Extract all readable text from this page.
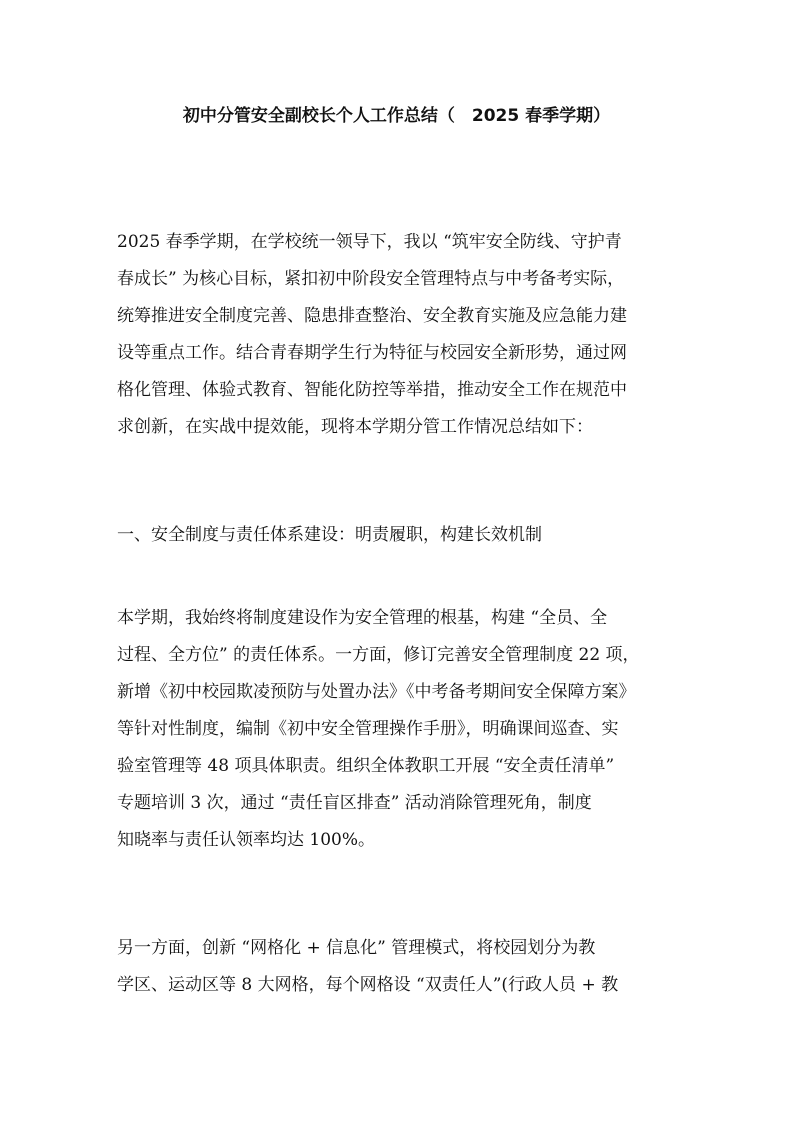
初中分管安全副校长个人工作总结（　2025 春季学期）
2025 春季学期，在学校统一领导下，我以 “筑牢安全防线、守护青
春成长” 为核心目标，紧扣初中阶段安全管理特点与中考备考实际，
统筹推进安全制度完善、隐患排查整治、安全教育实施及应急能力建
设等重点工作。结合青春期学生行为特征与校园安全新形势，通过网
格化管理、体验式教育、智能化防控等举措，推动安全工作在规范中
求创新，在实战中提效能，现将本学期分管工作情况总结如下：
一、安全制度与责任体系建设：明责履职，构建长效机制
本学期，我始终将制度建设作为安全管理的根基，构建 “全员、全
过程、全方位” 的责任体系。一方面，修订完善安全管理制度 22 项，
新增《初中校园欺凌预防与处置办法》《中考备考期间安全保障方案》
等针对性制度，编制《初中安全管理操作手册》，明确课间巡查、实
验室管理等 48 项具体职责。组织全体教职工开展 “安全责任清单”
专题培训 3 次，通过 “责任盲区排查” 活动消除管理死角，制度
知晓率与责任认领率均达 100%。
另一方面，创新 “网格化 + 信息化” 管理模式，将校园划分为教
学区、运动区等 8 大网格，每个网格设 “双责任人”(行政人员 + 教
